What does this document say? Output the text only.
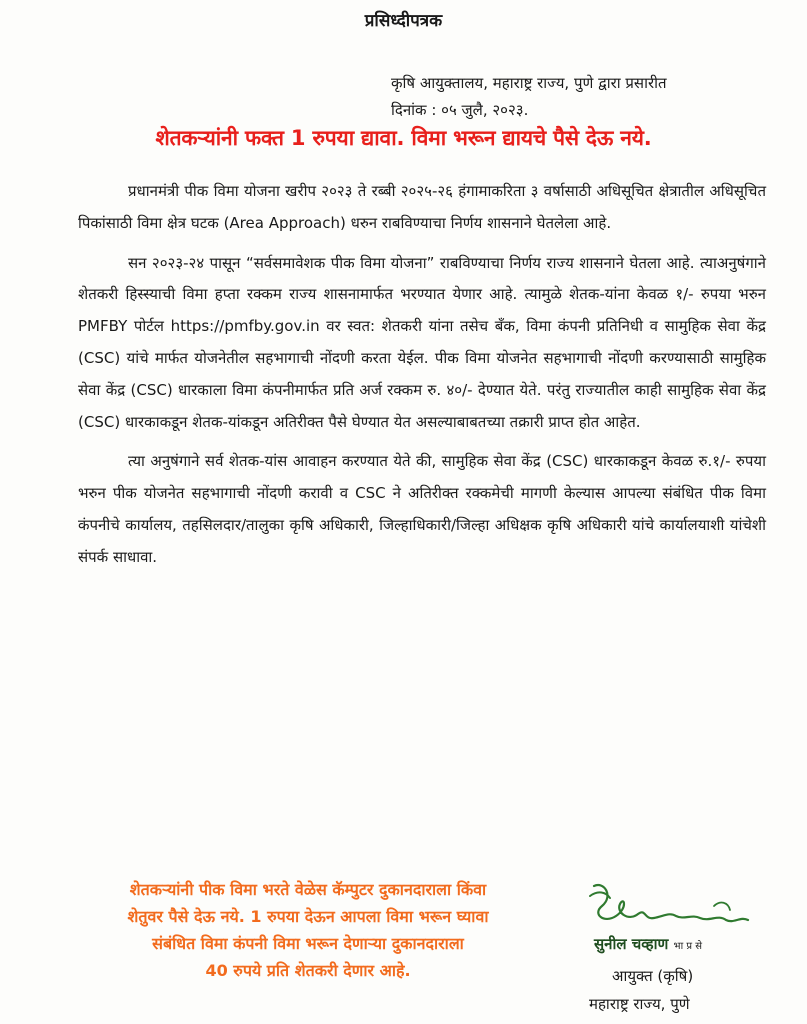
प्रसिध्दीपत्रक
कृषि आयुक्तालय, महाराष्ट्र राज्य, पुणे द्वारा प्रसारीत
दिनांक : ०५ जुलै, २०२३.
शेतकऱ्यांनी फक्त 1 रुपया द्यावा. विमा भरून द्यायचे पैसे देऊ नये.

प्रधानमंत्री पीक विमा योजना खरीप २०२३ ते रब्बी २०२५-२६ हंगामाकरिता ३ वर्षासाठी अधिसूचित क्षेत्रातील अधिसूचित पिकांसाठी विमा क्षेत्र घटक (Area Approach) धरुन राबविण्याचा निर्णय शासनाने घेतलेला आहे.

सन २०२३-२४ पासून “सर्वसमावेशक पीक विमा योजना” राबविण्याचा निर्णय राज्य शासनाने घेतला आहे. त्याअनुषंगाने शेतकरी हिस्स्याची विमा हप्ता रक्कम राज्य शासनामार्फत भरण्यात येणार आहे. त्यामुळे शेतक-यांना केवळ १/- रुपया भरुन PMFBY पोर्टल https://pmfby.gov.in वर स्वत: शेतकरी यांना तसेच बँक, विमा कंपनी प्रतिनिधी व सामुहिक सेवा केंद्र (CSC) यांचे मार्फत योजनेतील सहभागाची नोंदणी करता येईल. पीक विमा योजनेत सहभागाची नोंदणी करण्यासाठी सामुहिक सेवा केंद्र (CSC) धारकाला विमा कंपनीमार्फत प्रति अर्ज रक्कम रु. ४०/- देण्यात येते. परंतु राज्यातील काही सामुहिक सेवा केंद्र (CSC) धारकाकडून शेतक-यांकडून अतिरीक्त पैसे घेण्यात येत असल्याबाबतच्या तक्रारी प्राप्त होत आहेत.

त्या अनुषंगाने सर्व शेतक-यांस आवाहन करण्यात येते की, सामुहिक सेवा केंद्र (CSC) धारकाकडून केवळ रु.१/- रुपया भरुन पीक योजनेत सहभागाची नोंदणी करावी व CSC ने अतिरीक्त रक्कमेची मागणी केल्यास आपल्या संबंधित पीक विमा कंपनीचे कार्यालय, तहसिलदार/तालुका कृषि अधिकारी, जिल्हाधिकारी/जिल्हा अधिक्षक कृषि अधिकारी यांचे कार्यालयाशी यांचेशी संपर्क साधावा.

शेतकऱ्यांनी पीक विमा भरते वेळेस कॅम्पुटर दुकानदाराला किंवा
शेतुवर पैसे देऊ नये. 1 रुपया देऊन आपला विमा भरून घ्यावा
संबंधित विमा कंपनी विमा भरून देणाऱ्या दुकानदाराला
40 रुपये प्रति शेतकरी देणार आहे.
सुनील चव्हाण भा प्र से
आयुक्त (कृषि)
महाराष्ट्र राज्य, पुणे
